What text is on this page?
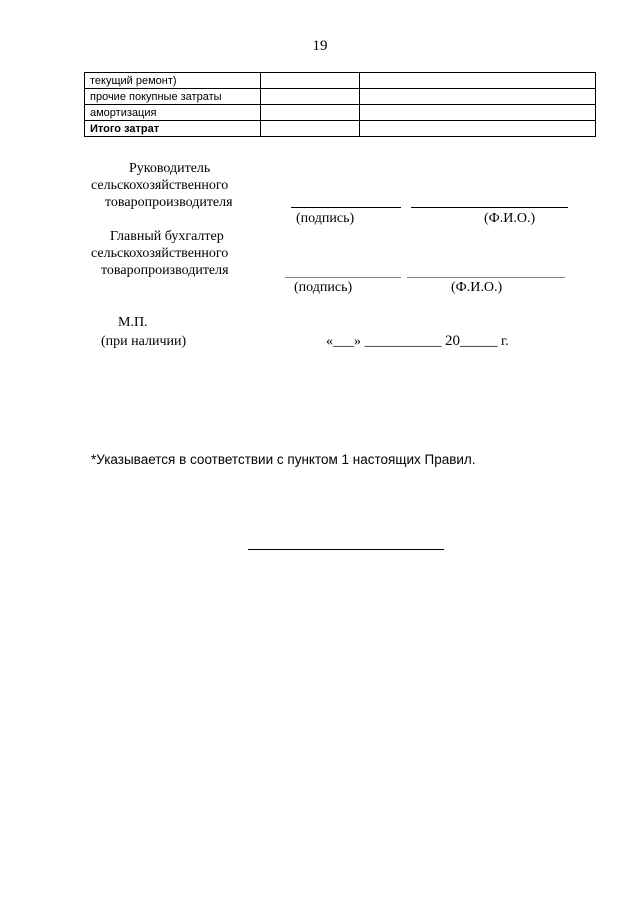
19
текущий ремонт)		
прочие покупные затраты		
амортизация		
Итого затрат		
Руководитель
сельскохозяйственного
товаропроизводителя
(подпись)	(Ф.И.О.)
Главный бухгалтер
сельскохозяйственного
товаропроизводителя
(подпись)	(Ф.И.О.)
М.П.
(при наличии)	«___» ___________ 20_____ г.
*Указывается в соответствии с пунктом 1 настоящих Правил.
